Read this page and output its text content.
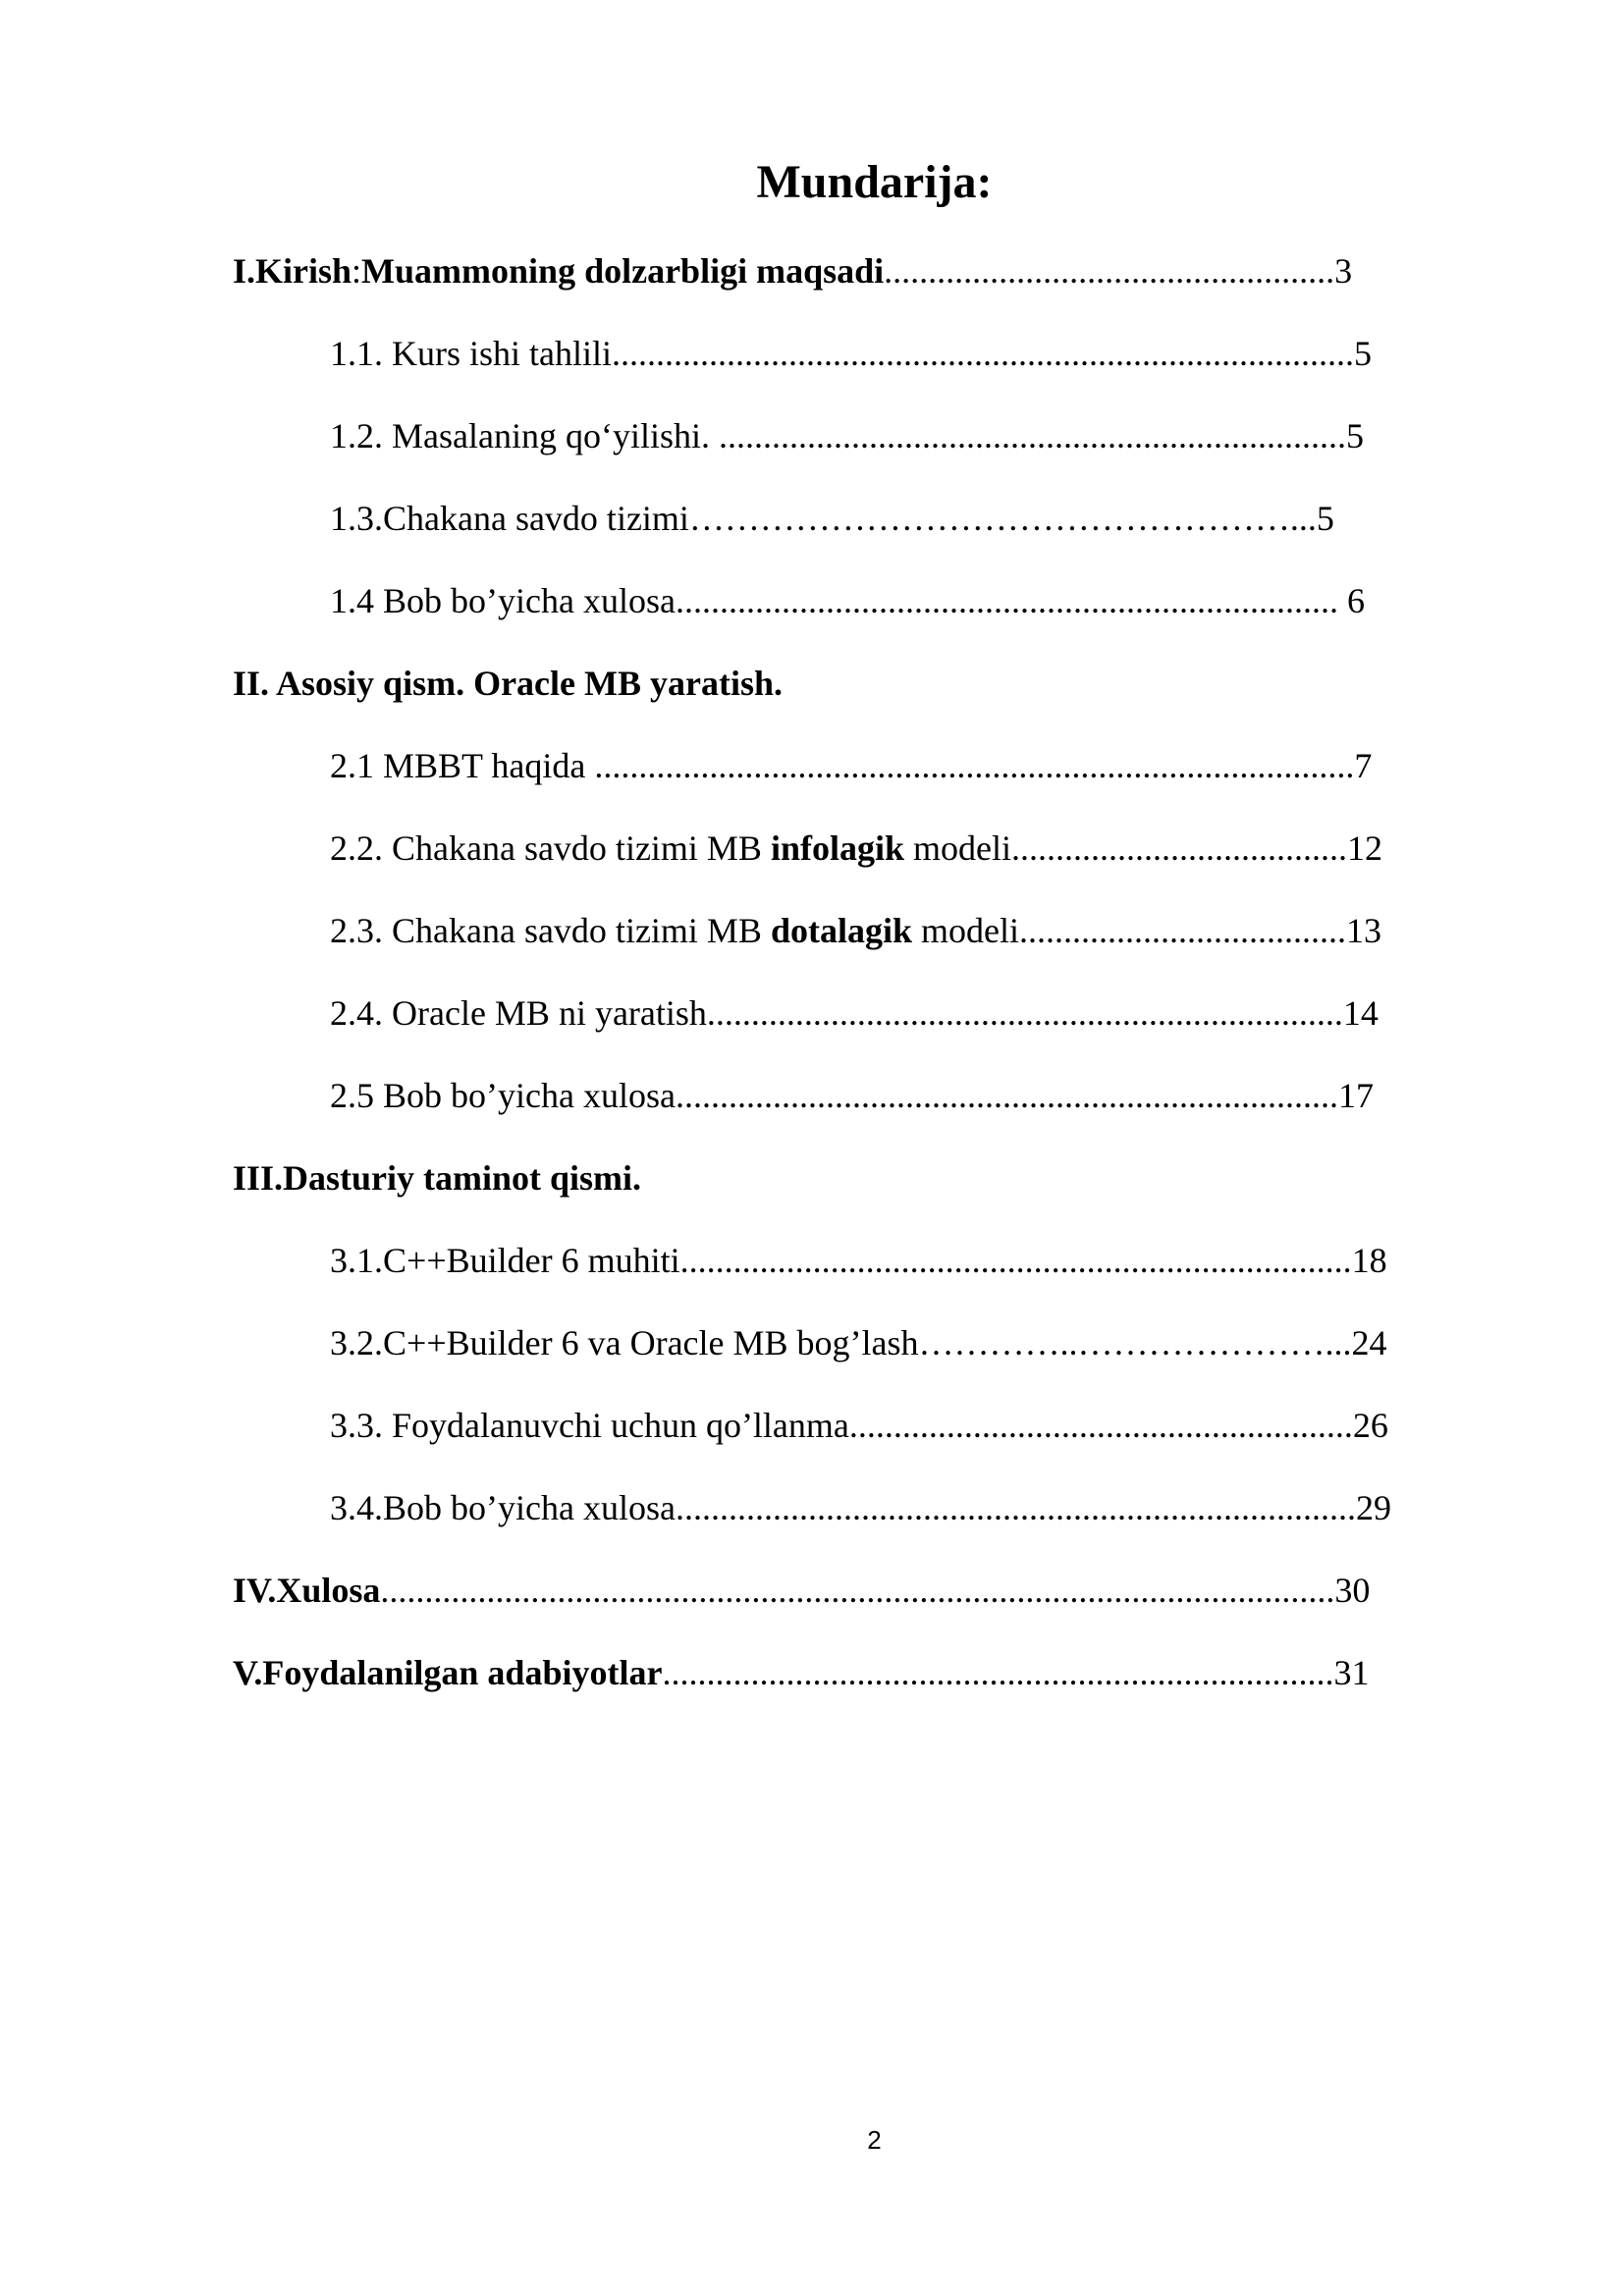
Mundarija:
I.Kirish:Muammoning dolzarbligi maqsadi...................................................3
1.1. Kurs ishi tahlili....................................................................................5
1.2. Masalaning qo‘yilishi. .......................................................................5
1.3.Chakana savdo tizimi……………………………………………...5
1.4 Bob bo’yicha xulosa........................................................................... 6
II. Asosiy qism. Oracle MB yaratish.
2.1 MBBT haqida ......................................................................................7
2.2. Chakana savdo tizimi MB infolagik modeli......................................12
2.3. Chakana savdo tizimi MB dotalagik modeli.....................................13
2.4. Oracle MB ni yaratish........................................................................14
2.5 Bob bo’yicha xulosa...........................................................................17
III.Dasturiy taminot qismi.
3.1.C++Builder 6 muhiti............................................................................18
3.2.C++Builder 6 va Oracle MB bog’lash…………..…………………...24
3.3. Foydalanuvchi uchun qo’llanma.........................................................26
3.4.Bob bo’yicha xulosa.............................................................................29
IV.Xulosa............................................................................................................30
V.Foydalanilgan adabiyotlar............................................................................31
2
